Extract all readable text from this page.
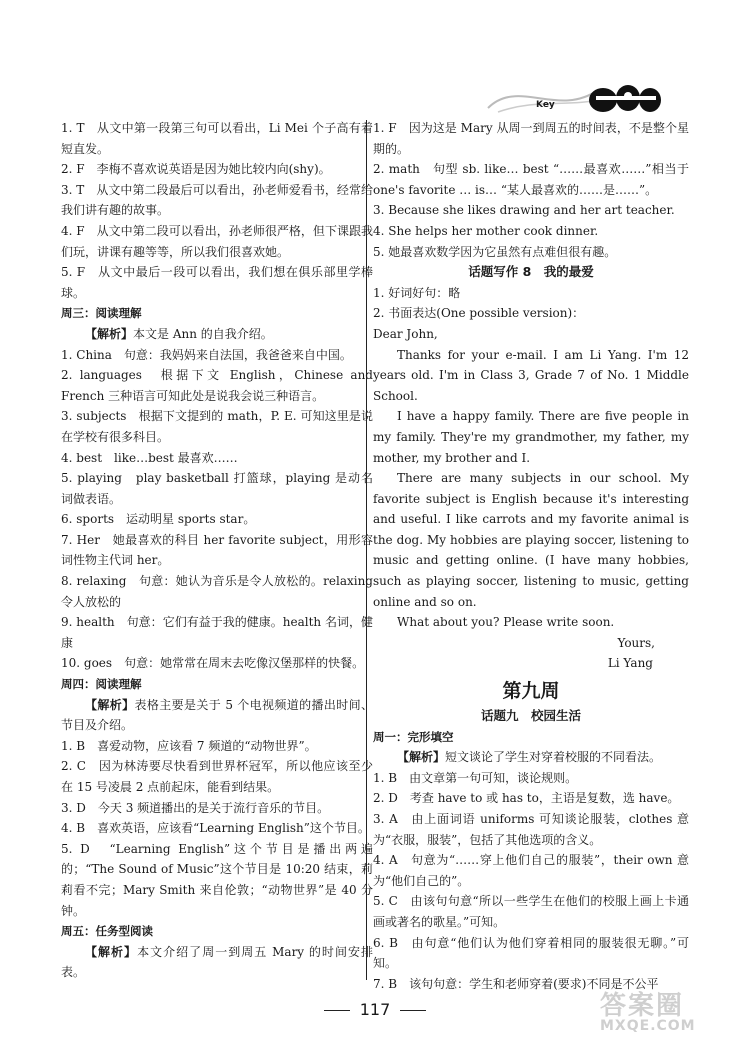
Key

1. T　从文中第一段第三句可以看出，Li Mei 个子高有着短直发。

2. F　李梅不喜欢说英语是因为她比较内向(shy)。

3. T　从文中第二段最后可以看出，孙老师爱看书，经常给我们讲有趣的故事。

4. F　从文中第二段可以看出，孙老师很严格，但下课跟我们玩，讲课有趣等等，所以我们很喜欢她。

5. F　从文中最后一段可以看出，我们想在俱乐部里学棒球。

周三：阅读理解

【解析】本文是 Ann 的自我介绍。

1. China　句意：我妈妈来自法国，我爸爸来自中国。

2. languages　根据下文 English，Chinese and French 三种语言可知此处是说我会说三种语言。

3. subjects　根据下文提到的 math，P. E. 可知这里是说在学校有很多科目。

4. best　like…best 最喜欢……

5. playing　play basketball 打篮球，playing 是动名词做表语。

6. sports　运动明星 sports star。

7. Her　她最喜欢的科目 her favorite subject，用形容词性物主代词 her。

8. relaxing　句意：她认为音乐是令人放松的。relaxing 令人放松的

9. health　句意：它们有益于我的健康。health 名词，健康

10. goes　句意：她常常在周末去吃像汉堡那样的快餐。

周四：阅读理解

【解析】表格主要是关于 5 个电视频道的播出时间、节目及介绍。

1. B　喜爱动物，应该看 7 频道的“动物世界”。

2. C　因为林涛要尽快看到世界杯冠军，所以他应该至少在 15 号凌晨 2 点前起床，能看到结果。

3. D　今天 3 频道播出的是关于流行音乐的节目。

4. B　喜欢英语，应该看“Learning English”这个节目。

5. D　“Learning English”这个节目是播出两遍的；“The Sound of Music”这个节目是 10:20 结束，莉莉看不完；Mary Smith 来自伦敦；“动物世界”是 40 分钟。

周五：任务型阅读

【解析】本文介绍了周一到周五 Mary 的时间安排表。

1. F　因为这是 Mary 从周一到周五的时间表，不是整个星期的。

2. math　句型 sb. like… best “……最喜欢……”相当于 one's favorite … is… “某人最喜欢的……是……”。

3. Because she likes drawing and her art teacher.

4. She helps her mother cook dinner.

5. 她最喜欢数学因为它虽然有点难但很有趣。

话题写作 8　我的最爱

1. 好词好句：略

2. 书面表达(One possible version)：

Dear John,

Thanks for your e-mail. I am Li Yang. I'm 12 years old. I'm in Class 3, Grade 7 of No. 1 Middle School.

I have a happy family. There are five people in my family. They're my grandmother, my father, my mother, my brother and I.

There are many subjects in our school. My favorite subject is English because it's interesting and useful. I like carrots and my favorite animal is the dog. My hobbies are playing soccer, listening to music and getting online. (I have many hobbies, such as playing soccer, listening to music, getting online and so on.

What about you? Please write soon.

Yours,

Li Yang

第九周

话题九　校园生活

周一：完形填空

【解析】短文谈论了学生对穿着校服的不同看法。

1. B　由文章第一句可知，谈论规则。

2. D　考查 have to 或 has to，主语是复数，选 have。

3. A　由上面词语 uniforms 可知谈论服装，clothes 意为“衣服，服装”，包括了其他选项的含义。

4. A　句意为“……穿上他们自己的服装”，their own 意为“他们自己的”。

5. C　由该句句意“所以一些学生在他们的校服上画上卡通画或著名的歌星。”可知。

6. B　由句意“他们认为他们穿着相同的服装很无聊。”可知。

7. B　该句句意：学生和老师穿着(要求)不同是不公平

117	答案圈
MXQE.COM
